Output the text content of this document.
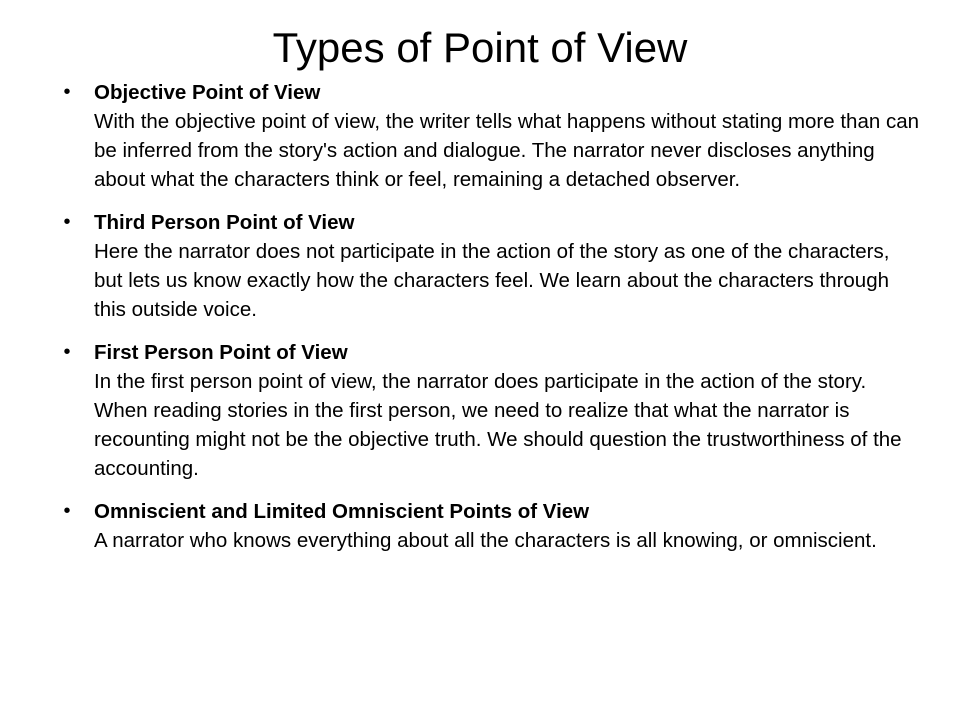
Types of Point of View
• Objective Point of View
With the objective point of view, the writer tells what happens without stating more than can be inferred from the story's action and dialogue. The narrator never discloses anything about what the characters think or feel, remaining a detached observer.
• Third Person Point of View
Here the narrator does not participate in the action of the story as one of the characters, but lets us know exactly how the characters feel. We learn about the characters through this outside voice.
• First Person Point of View
In the first person point of view, the narrator does participate in the action of the story. When reading stories in the first person, we need to realize that what the narrator is recounting might not be the objective truth. We should question the trustworthiness of the accounting.
• Omniscient and Limited Omniscient Points of View
A narrator who knows everything about all the characters is all knowing, or omniscient.
